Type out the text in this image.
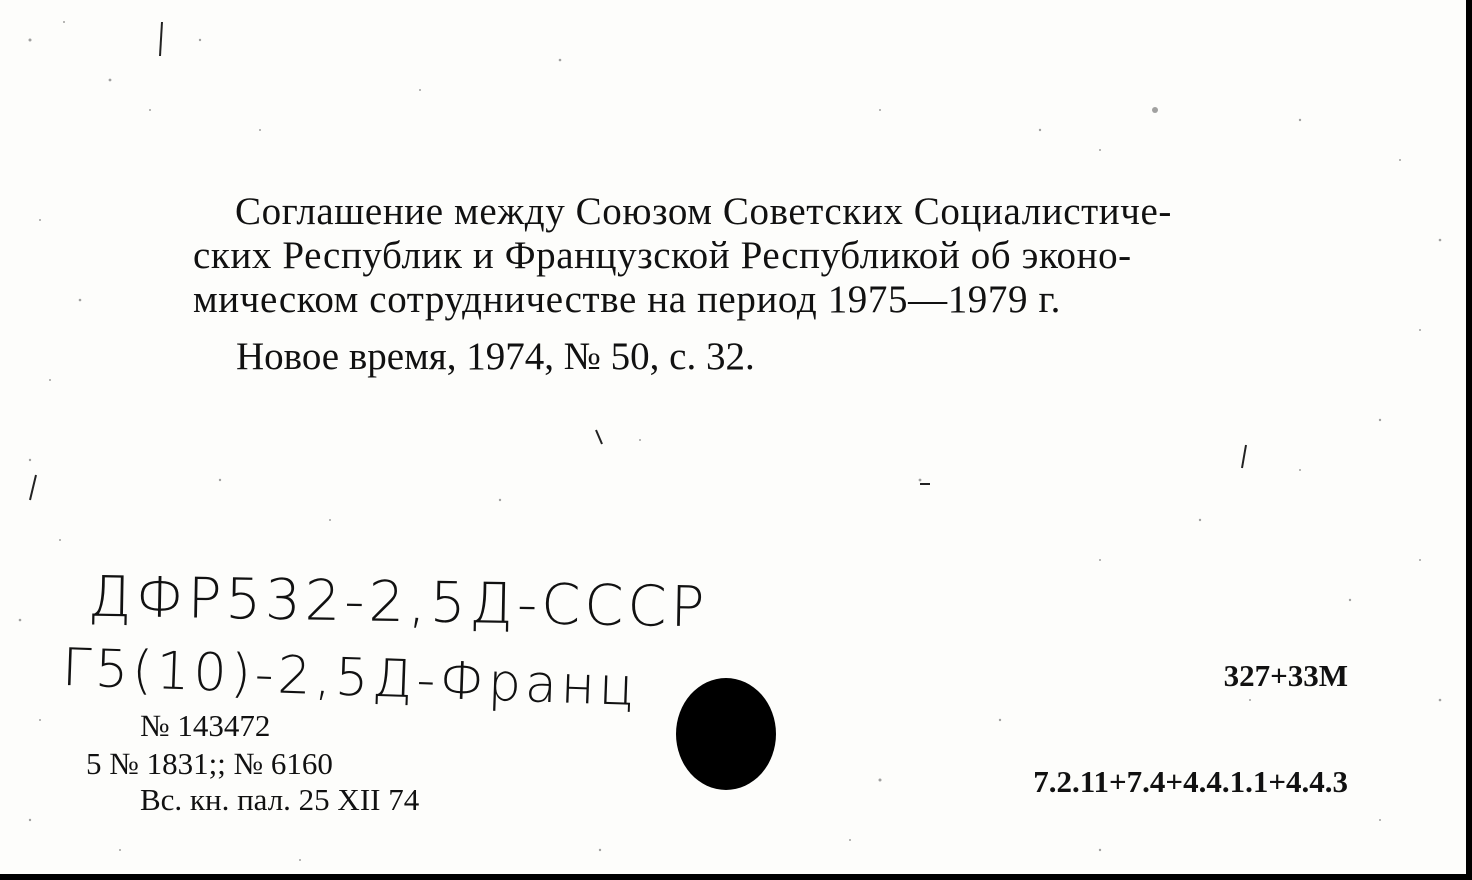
Соглашение между Союзом Советских Социалистиче-
ских Республик и Французской Республикой об эконо-
мическом сотрудничестве на период 1975—1979 г.
Новое время, 1974, № 50, с. 32.
ДФР532-2,5Д-СССР
Г5(10)-2,5Д-Франц
№ 143472
5 № 1831;; № 6160
Вс. кн. пал. 25 XII 74
327+33М
7.2.11+7.4+4.4.1.1+4.4.3
